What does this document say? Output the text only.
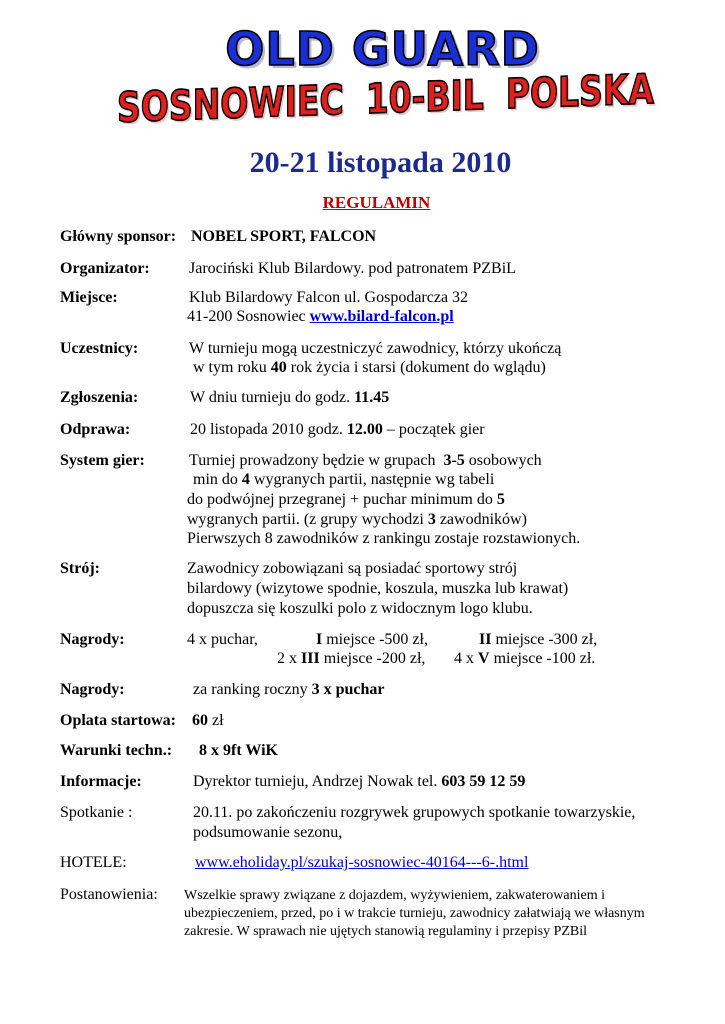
OLD GUARD
SOSNOWIEC 10-BIL POLSKA
20-21 listopada 2010
REGULAMIN
Główny sponsor: NOBEL SPORT, FALCON
Organizator: Jarociński Klub Bilardowy. pod patronatem PZBiL
Miejsce:	Klub Bilardowy Falcon ul. Gospodarcza 32
41-200 Sosnowiec www.bilard-falcon.pl
Uczestnicy:	W turnieju mogą uczestniczyć zawodnicy, którzy ukończą
w tym roku 40 rok życia i starsi (dokument do wglądu)
Zgłoszenia:	W dniu turnieju do godz. 11.45
Odprawa:	20 listopada 2010 godz. 12.00 – początek gier
System gier:	Turniej prowadzony będzie w grupach 3-5 osobowych
min do 4 wygranych partii, następnie wg tabeli
do podwójnej przegranej + puchar minimum do 5
wygranych partii. (z grupy wychodzi 3 zawodników)
Pierwszych 8 zawodników z rankingu zostaje rozstawionych.
Strój:	Zawodnicy zobowiązani są posiadać sportowy strój
bilardowy (wizytowe spodnie, koszula, muszka lub krawat)
dopuszcza się koszulki polo z widocznym logo klubu.
Nagrody:	4 x puchar,	I miejsce -500 zł,	II miejsce -300 zł,
2 x III miejsce -200 zł, 4 x V miejsce -100 zł.
Nagrody:	za ranking roczny 3 x puchar
Oplata startowa: 60 zł
Warunki techn.: 8 x 9ft WiK
Informacje:	Dyrektor turnieju, Andrzej Nowak tel. 603 59 12 59
Spotkanie :	20.11. po zakończeniu rozgrywek grupowych spotkanie towarzyskie,
podsumowanie sezonu,
HOTELE:	www.eholiday.pl/szukaj-sosnowiec-40164---6-.html
Postanowienia: Wszelkie sprawy związane z dojazdem, wyżywieniem, zakwaterowaniem i
ubezpieczeniem, przed, po i w trakcie turnieju, zawodnicy załatwiają we własnym
zakresie. W sprawach nie ujętych stanowią regulaminy i przepisy PZBil
